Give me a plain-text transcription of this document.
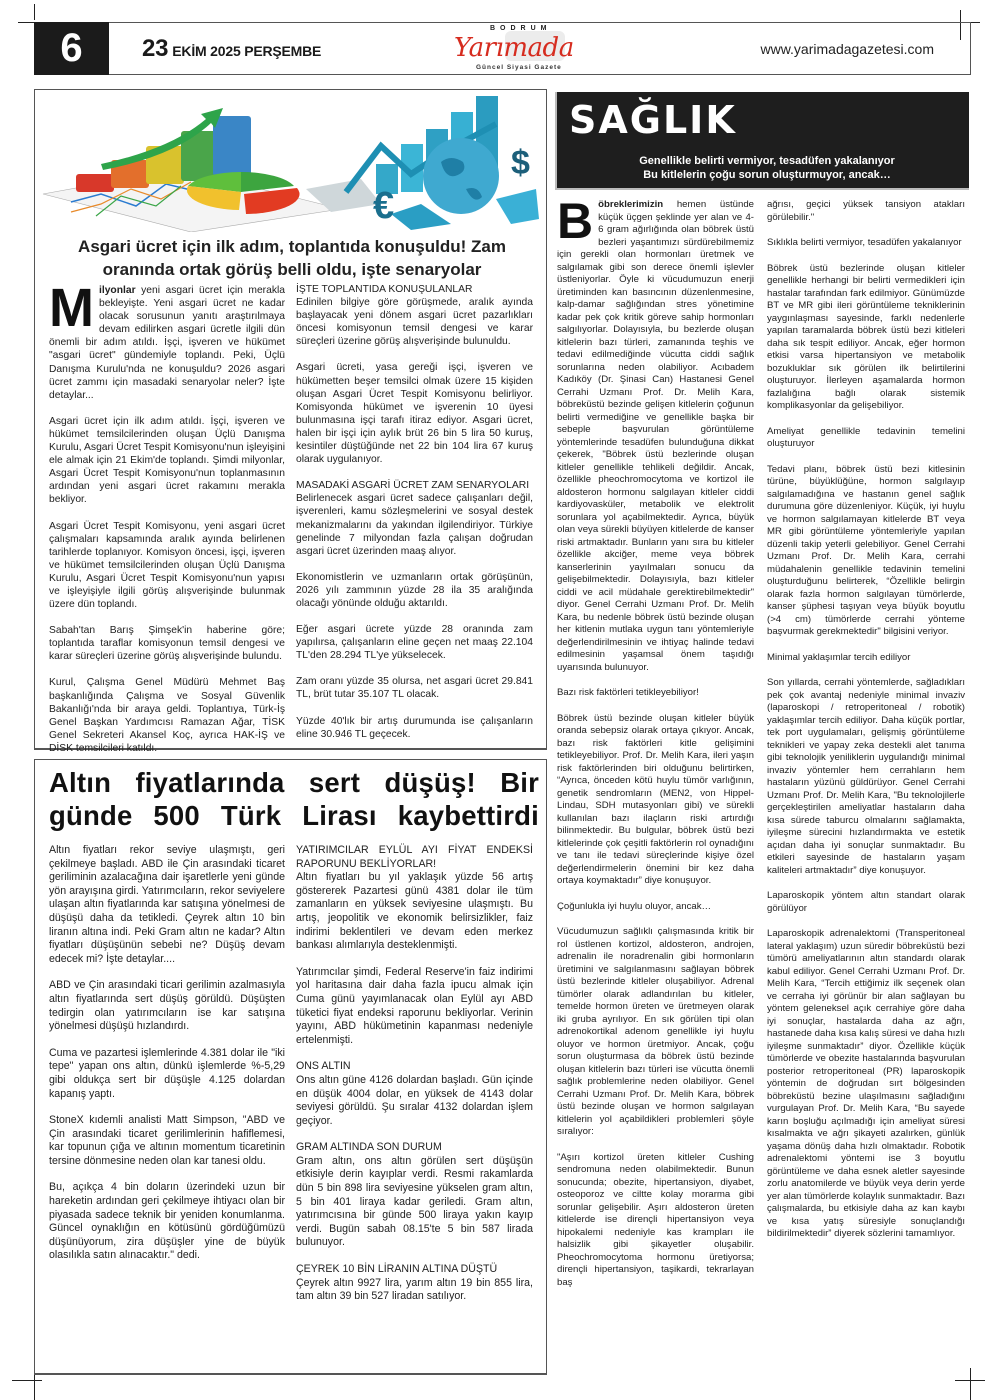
6	23 EKİM 2025 PERŞEMBE
BODRUM
Yarımada
Güncel Siyasi Gazete
www.yarimadagazetesi.com
€
$
Asgari ücret için ilk adım, toplantıda konuşuldu! Zam oranında ortak görüş belli oldu, işte senaryolar

Milyonlar yeni asgari ücret için merakla bekleyişte. Yeni asgari ücret ne kadar olacak sorusunun yanıtı araştırılmaya devam edilirken asgari ücretle ilgili dün önemli bir adım atıldı. İşçi, işveren ve hükümet "asgari ücret" gündemiyle toplandı. Peki, Üçlü Danışma Kurulu'nda ne konuşuldu? 2026 asgari ücret zammı için masadaki senaryolar neler? İşte detaylar...

Asgari ücret için ilk adım atıldı. İşçi, işveren ve hükümet temsilcilerinden oluşan Üçlü Danışma Kurulu, Asgari Ücret Tespit Komisyonu'nun işleyişini ele almak için 21 Ekim'de toplandı. Şimdi milyonlar, Asgari Ücret Tespit Komisyonu'nun toplanmasının ardından yeni asgari ücret rakamını merakla bekliyor.

Asgari Ücret Tespit Komisyonu, yeni asgari ücret çalışmaları kapsamında aralık ayında belirlenen tarihlerde toplanıyor. Komisyon öncesi, işçi, işveren ve hükümet temsilcilerinden oluşan Üçlü Danışma Kurulu, Asgari Ücret Tespit Komisyonu'nun yapısı ve işleyişiyle ilgili görüş alışverişinde bulunmak üzere dün toplandı.

Sabah'tan Barış Şimşek'in haberine göre; toplantıda taraflar komisyonun temsil dengesi ve karar süreçleri üzerine görüş alışverişinde bulundu.

Kurul, Çalışma Genel Müdürü Mehmet Baş başkanlığında Çalışma ve Sosyal Güvenlik Bakanlığı'nda bir araya geldi. Toplantıya, Türk-İş Genel Başkan Yardımcısı Ramazan Ağar, TİSK Genel Sekreteri Akansel Koç, ayrıca HAK-İŞ ve DİSK temsilcileri katıldı.

İŞTE TOPLANTIDA KONUŞULANLAR

Edinilen bilgiye göre görüşmede, aralık ayında başlayacak yeni dönem asgari ücret pazarlıkları öncesi komisyonun temsil dengesi ve karar süreçleri üzerine görüş alışverişinde bulunuldu.

Asgari ücreti, yasa gereği işçi, işveren ve hükümetten beşer temsilci olmak üzere 15 kişiden oluşan Asgari Ücret Tespit Komisyonu belirliyor. Komisyonda hükümet ve işverenin 10 üyesi bulunmasına işçi tarafı itiraz ediyor. Asgari ücret, halen bir işçi için aylık brüt 26 bin 5 lira 50 kuruş, kesintiler düştüğünde net 22 bin 104 lira 67 kuruş olarak uygulanıyor.

MASADAKİ ASGARİ ÜCRET ZAM SENARYOLARI

Belirlenecek asgari ücret sadece çalışanları değil, işverenleri, kamu sözleşmelerini ve sosyal destek mekanizmalarını da yakından ilgilendiriyor. Türkiye genelinde 7 milyondan fazla çalışan doğrudan asgari ücret üzerinden maaş alıyor.

Ekonomistlerin ve uzmanların ortak görüşünün, 2026 yılı zammının yüzde 28 ila 35 aralığında olacağı yönünde olduğu aktarıldı.

Eğer asgari ücrete yüzde 28 oranında zam yapılırsa, çalışanların eline geçen net maaş 22.104 TL'den 28.294 TL'ye yükselecek.

Zam oranı yüzde 35 olursa, net asgari ücret 29.841 TL, brüt tutar 35.107 TL olacak.

Yüzde 40'lık bir artış durumunda ise çalışanların eline 30.946 TL geçecek.

Altın fiyatlarında sert düşüş! Bir günde 500 Türk Lirası kaybettirdi

Altın fiyatları rekor seviye ulaşmıştı, geri çekilmeye başladı. ABD ile Çin arasındaki ticaret geriliminin azalacağına dair işaretlerle yeni günde yön arayışına girdi. Yatırımcıların, rekor seviyelere ulaşan altın fiyatlarında kar satışına yönelmesi de düşüşü daha da tetikledi. Çeyrek altın 10 bin liranın altına indi. Peki Gram altın ne kadar? Altın fiyatları düşüşünün sebebi ne? Düşüş devam edecek mi? İşte detaylar....

ABD ve Çin arasındaki ticari gerilimin azalmasıyla altın fiyatlarında sert düşüş görüldü. Düşüşten tedirgin olan yatırımcıların ise kar satışına yönelmesi düşüşü hızlandırdı.

Cuma ve pazartesi işlemlerinde 4.381 dolar ile "iki tepe" yapan ons altın, dünkü işlemlerde %-5,29 gibi oldukça sert bir düşüşle 4.125 dolardan kapanış yaptı.

StoneX kıdemli analisti Matt Simpson, "ABD ve Çin arasındaki ticaret gerilimlerinin hafiflemesi, kar topunun çığa ve altının momentum ticaretinin tersine dönmesine neden olan kar tanesi oldu.

Bu, açıkça 4 bin doların üzerindeki uzun bir hareketin ardından geri çekilmeye ihtiyacı olan bir piyasada sadece teknik bir yeniden konumlanma. Güncel oynaklığın en kötüsünü gördüğümüzü düşünüyorum, zira düşüşler yine de büyük olasılıkla satın alınacaktır." dedi.

YATIRIMCILAR EYLÜL AYI FİYAT ENDEKSİ RAPORUNU BEKLİYORLAR!

Altın fiyatları bu yıl yaklaşık yüzde 56 artış göstererek Pazartesi günü 4381 dolar ile tüm zamanların en yüksek seviyesine ulaşmıştı. Bu artış, jeopolitik ve ekonomik belirsizlikler, faiz indirimi beklentileri ve devam eden merkez bankası alımlarıyla desteklenmişti.

Yatırımcılar şimdi, Federal Reserve'in faiz indirimi yol haritasına dair daha fazla ipucu almak için Cuma günü yayımlanacak olan Eylül ayı ABD tüketici fiyat endeksi raporunu bekliyorlar. Verinin yayını, ABD hükümetinin kapanması nedeniyle ertelenmişti.

ONS ALTIN

Ons altın güne 4126 dolardan başladı. Gün içinde en düşük 4004 dolar, en yüksek de 4143 dolar seviyesi görüldü. Şu sıralar 4132 dolardan işlem geçiyor.

GRAM ALTINDA SON DURUM

Gram altın, ons altın görülen sert düşüşün etkisiyle derin kayıplar verdi. Resmi rakamlarda dün 5 bin 898 lira seviyesine yükselen gram altın, 5 bin 401 liraya kadar geriledi. Gram altın, yatırımcısına bir günde 500 liraya yakın kayıp verdi. Bugün sabah 08.15'te 5 bin 587 lirada bulunuyor.

ÇEYREK 10 BİN LİRANIN ALTINA DÜŞTÜ

Çeyrek altın 9927 lira, yarım altın 19 bin 855 lira, tam altın 39 bin 527 liradan satılıyor.

SAĞLIK
Genellikle belirti vermiyor, tesadüfen yakalanıyor
Bu kitlelerin çoğu sorun oluşturmuyor, ancak…

Böbreklerimizin hemen üstünde küçük üçgen şeklinde yer alan ve 4-6 gram ağırlığında olan böbrek üstü bezleri yaşantımızı sürdürebilmemiz için gerekli olan hormonları üretmek ve salgılamak gibi son derece önemli işlevler üstleniyorlar. Öyle ki vücudumuzun enerji üretiminden kan basıncının düzenlenmesine, kalp-damar sağlığından stres yönetimine kadar pek çok kritik göreve sahip hormonları salgılıyorlar. Dolayısıyla, bu bezlerde oluşan kitlelerin bazı türleri, zamanında teşhis ve tedavi edilmediğinde vücutta ciddi sağlık sorunlarına neden olabiliyor. Acıbadem Kadıköy (Dr. Şinasi Can) Hastanesi Genel Cerrahi Uzmanı Prof. Dr. Melih Kara, böbreküstü bezinde gelişen kitlelerin çoğunun belirti vermediğine ve genellikle başka bir sebeple başvurulan görüntüleme yöntemlerinde tesadüfen bulunduğuna dikkat çekerek, "Böbrek üstü bezlerinde oluşan kitleler genellikle tehlikeli değildir. Ancak, özellikle pheochromocytoma ve kortizol ile aldosteron hormonu salgılayan kitleler ciddi kardiyovasküler, metabolik ve elektrolit sorunlara yol açabilmektedir. Ayrıca, büyük olan veya sürekli büyüyen kitlelerde de kanser riski artmaktadır. Bunların yanı sıra bu kitleler özellikle akciğer, meme veya böbrek kanserlerinin yayılmaları sonucu da gelişebilmektedir. Dolayısıyla, bazı kitleler ciddi ve acil müdahale gerektirebilmektedir" diyor. Genel Cerrahi Uzmanı Prof. Dr. Melih Kara, bu nedenle böbrek üstü bezinde oluşan her kitlenin mutlaka uygun tanı yöntemleriyle değerlendirilmesinin ve ihtiyaç halinde tedavi edilmesinin yaşamsal önem taşıdığı uyarısında bulunuyor.

Bazı risk faktörleri tetikleyebiliyor!

Böbrek üstü bezinde oluşan kitleler büyük oranda sebepsiz olarak ortaya çıkıyor. Ancak, bazı risk faktörleri kitle gelişimini tetikleyebiliyor. Prof. Dr. Melih Kara, ileri yaşın risk faktörlerinden biri olduğunu belirtirken, “Ayrıca, önceden kötü huylu tümör varlığının, genetik sendromların (MEN2, von Hippel-Lindau, SDH mutasyonları gibi) ve sürekli kullanılan bazı ilaçların riski artırdığı bilinmektedir. Bu bulgular, böbrek üstü bezi kitlelerinde çok çeşitli faktörlerin rol oynadığını ve tanı ile tedavi süreçlerinde kişiye özel değerlendirmelerin önemini bir kez daha ortaya koymaktadır” diye konuşuyor.

Çoğunlukla iyi huylu oluyor, ancak…

Vücudumuzun sağlıklı çalışmasında kritik bir rol üstlenen kortizol, aldosteron, androjen, adrenalin ile noradrenalin gibi hormonların üretimini ve salgılanmasını sağlayan böbrek üstü bezlerinde kitleler oluşabiliyor. Adrenal tümörler olarak adlandırılan bu kitleler, temelde hormon üreten ve üretmeyen olarak iki gruba ayrılıyor. En sık görülen tipi olan adrenokortikal adenom genellikle iyi huylu oluyor ve hormon üretmiyor. Ancak, çoğu sorun oluşturmasa da böbrek üstü bezinde oluşan kitlelerin bazı türleri ise vücutta önemli sağlık problemlerine neden olabiliyor. Genel Cerrahi Uzmanı Prof. Dr. Melih Kara, böbrek üstü bezinde oluşan ve hormon salgılayan kitlelerin yol açabildikleri problemleri şöyle sıralıyor:

"Aşırı kortizol üreten kitleler Cushing sendromuna neden olabilmektedir. Bunun sonucunda; obezite, hipertansiyon, diyabet, osteoporoz ve ciltte kolay morarma gibi sorunlar gelişebilir. Aşırı aldosteron üreten kitlelerde ise dirençli hipertansiyon veya hipokalemi nedeniyle kas krampları ile halsizlik gibi şikayetler oluşabilir. Pheochromocytoma hormonu üretiyorsa; dirençli hipertansiyon, taşikardi, tekrarlayan baş

ağrısı, geçici yüksek tansiyon atakları görülebilir."

Sıklıkla belirti vermiyor, tesadüfen yakalanıyor

Böbrek üstü bezlerinde oluşan kitleler genellikle herhangi bir belirti vermedikleri için hastalar tarafından fark edilmiyor. Günümüzde BT ve MR gibi ileri görüntüleme tekniklerinin yaygınlaşması sayesinde, farklı nedenlerle yapılan taramalarda böbrek üstü bezi kitleleri daha sık tespit ediliyor. Ancak, eğer hormon etkisi varsa hipertansiyon ve metabolik bozukluklar sık görülen ilk belirtilerini oluşturuyor. İlerleyen aşamalarda hormon fazlalığına bağlı olarak sistemik komplikasyonlar da gelişebiliyor.

Ameliyat genellikle tedavinin temelini oluşturuyor

Tedavi planı, böbrek üstü bezi kitlesinin türüne, büyüklüğüne, hormon salgılayıp salgılamadığına ve hastanın genel sağlık durumuna göre düzenleniyor. Küçük, iyi huylu ve hormon salgılamayan kitlelerde BT veya MR gibi görüntüleme yöntemleriyle yapılan düzenli takip yeterli gelebiliyor. Genel Cerrahi Uzmanı Prof. Dr. Melih Kara, cerrahi müdahalenin genellikle tedavinin temelini oluşturduğunu belirterek, “Özellikle belirgin olarak fazla hormon salgılayan tümörlerde, kanser şüphesi taşıyan veya büyük boyutlu (>4 cm) tümörlerde cerrahi yönteme başvurmak gerekmektedir" bilgisini veriyor.

Minimal yaklaşımlar tercih ediliyor

Son yıllarda, cerrahi yöntemlerde, sağladıkları pek çok avantaj nedeniyle minimal invaziv (laparoskopi / retroperitoneal / robotik) yaklaşımlar tercih ediliyor. Daha küçük portlar, tek port uygulamaları, gelişmiş görüntüleme teknikleri ve yapay zeka destekli alet tanıma gibi teknolojik yeniliklerin uygulandığı minimal invaziv yöntemler hem cerrahların hem hastaların yüzünü güldürüyor. Genel Cerrahi Uzmanı Prof. Dr. Melih Kara, "Bu teknolojilerle gerçekleştirilen ameliyatlar hastaların daha kısa sürede taburcu olmalarını sağlamakta, iyileşme sürecini hızlandırmakta ve estetik açıdan daha iyi sonuçlar sunmaktadır. Bu etkileri sayesinde de hastaların yaşam kaliteleri artmaktadır” diye konuşuyor.

Laparoskopik yöntem altın standart olarak görülüyor

Laparoskopik adrenalektomi (Transperitoneal lateral yaklaşım) uzun süredir böbreküstü bezi tümörü ameliyatlarının altın standardı olarak kabul ediliyor. Genel Cerrahi Uzmanı Prof. Dr. Melih Kara, “Tercih ettiğimiz ilk seçenek olan ve cerraha iyi görünür bir alan sağlayan bu yöntem geleneksel açık cerrahiye göre daha iyi sonuçlar, hastalarda daha az ağrı, hastanede daha kısa kalış süresi ve daha hızlı iyileşme sunmaktadır” diyor. Özellikle küçük tümörlerde ve obezite hastalarında başvurulan posterior retroperitoneal (PR) laparoskopik yöntemin de doğrudan sırt bölgesinden böbreküstü bezine ulaşılmasını sağladığını vurgulayan Prof. Dr. Melih Kara, “Bu sayede karın boşluğu açılmadığı için ameliyat süresi kısalmakta ve ağrı şikayeti azalırken, günlük yaşama dönüş daha hızlı olmaktadır. Robotik adrenalektomi yöntemi ise 3 boyutlu görüntüleme ve daha esnek aletler sayesinde zorlu anatomilerde ve büyük veya derin yerde yer alan tümörlerde kolaylık sunmaktadır. Bazı çalışmalarda, bu etkisiyle daha az kan kaybı ve kısa yatış süresiyle sonuçlandığı bildirilmektedir” diyerek sözlerini tamamlıyor.
